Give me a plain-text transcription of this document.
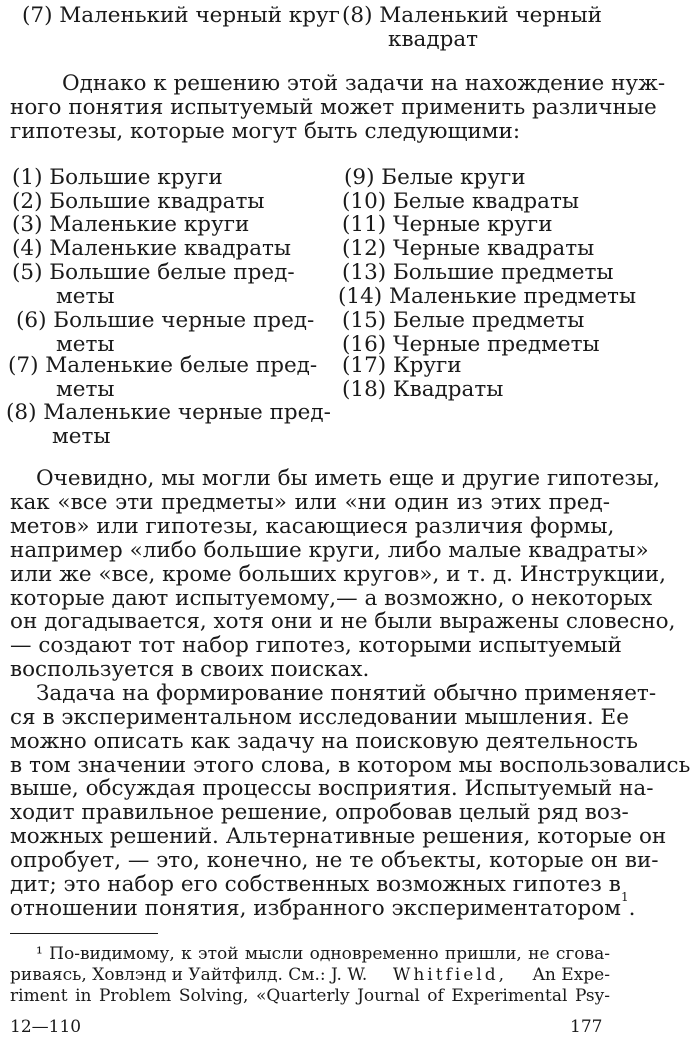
(7) Маленький черный круг (8) Маленький черный
квадрат
Однако к решению этой задачи на нахождение нуж-
ного понятия испытуемый может применить различные
гипотезы, которые могут быть следующими:
(1) Большие круги
(2) Большие квадраты
(3) Маленькие круги
(4) Маленькие квадраты
(5) Большие белые пред-
меты
(6) Большие черные пред-
меты
(7) Маленькие белые пред-
меты
(8) Маленькие черные пред-
меты
(9) Белые круги
(10) Белые квадраты
(11) Черные круги
(12) Черные квадраты
(13) Большие предметы
(14) Маленькие предметы
(15) Белые предметы
(16) Черные предметы
(17) Круги
(18) Квадраты
Очевидно, мы могли бы иметь еще и другие гипотезы,
как «все эти предметы» или «ни один из этих пред-
метов» или гипотезы, касающиеся различия формы,
например «либо большие круги, либо малые квадраты»
или же «все, кроме больших кругов», и т. д. Инструкции,
которые дают испытуемому,— а возможно, о некоторых
он догадывается, хотя они и не были выражены словесно,
— создают тот набор гипотез, которыми испытуемый
воспользуется в своих поисках.
Задача на формирование понятий обычно применяет-
ся в экспериментальном исследовании мышления. Ее
можно описать как задачу на поисковую деятельность
в том значении этого слова, в котором мы воспользовались
выше, обсуждая процессы восприятия. Испытуемый на-
ходит правильное решение, опробовав целый ряд воз-
можных решений. Альтернативные решения, которые он
опробует, — это, конечно, не те объекты, которые он ви-
дит; это набор его собственных возможных гипотез в
отношении понятия, избранного экспериментатором 1 .
¹ По-видимому, к этой мысли одновременно пришли, не сгова-
риваясь, Ховлэнд и Уайтфилд. См.: J. W. Whitfield, An Expe-
riment in Problem Solving, «Quarterly Journal of Experimental Psy-
12—110	177
